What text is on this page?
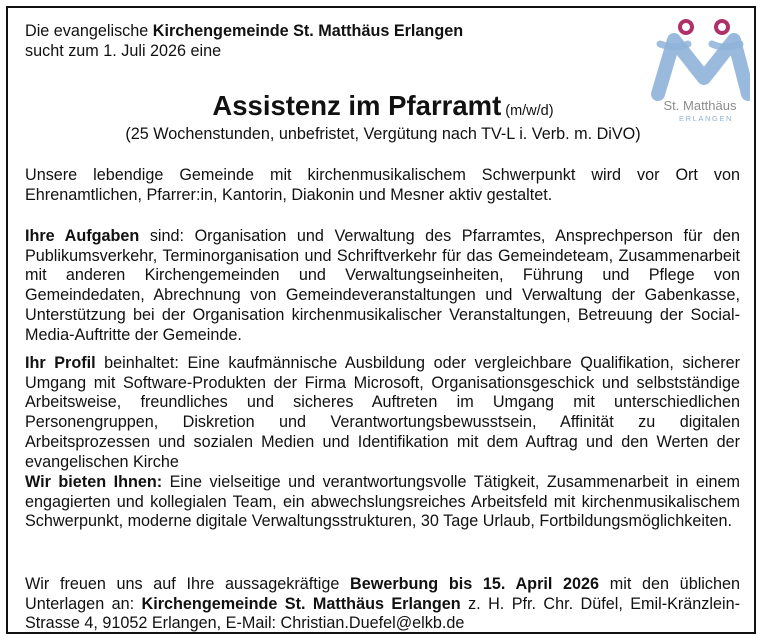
Die evangelische Kirchengemeinde St. Matthäus Erlangen
sucht zum 1. Juli 2026 eine
St. Matthäus
ERLANGEN
Assistenz im Pfarramt (m/w/d)
(25 Wochenstunden, unbefristet, Vergütung nach TV-L i. Verb. m. DiVO)
Unsere lebendige Gemeinde mit kirchenmusikalischem Schwerpunkt wird vor Ort von Ehrenamtlichen, Pfarrer:in, Kantorin, Diakonin und Mesner aktiv gestaltet.
Ihre Aufgaben sind: Organisation und Verwaltung des Pfarramtes, Ansprechperson für den Publikumsverkehr, Terminorganisation und Schriftverkehr für das Gemeindeteam, Zusammenarbeit mit anderen Kirchengemeinden und Verwaltungseinheiten, Führung und Pflege von Gemeindedaten, Abrechnung von Gemeindeveranstaltungen und Verwaltung der Gabenkasse, Unterstützung bei der Organisation kirchenmusikalischer Veranstaltungen, Betreuung der Social-Media-Auftritte der Gemeinde.
Ihr Profil beinhaltet: Eine kaufmännische Ausbildung oder vergleichbare Qualifikation, sicherer Umgang mit Software-Produkten der Firma Microsoft, Organisationsgeschick und selbstständige Arbeitsweise, freundliches und sicheres Auftreten im Umgang mit unterschiedlichen Personengruppen, Diskretion und Verantwortungsbewusstsein, Affinität zu digitalen Arbeitsprozessen und sozialen Medien und Identifikation mit dem Auftrag und den Werten der evangelischen Kirche
Wir bieten Ihnen: Eine vielseitige und verantwortungsvolle Tätigkeit, Zusammenarbeit in einem engagierten und kollegialen Team, ein abwechslungsreiches Arbeitsfeld mit kirchenmusikalischem Schwerpunkt, moderne digitale Verwaltungsstrukturen, 30 Tage Urlaub, Fortbildungsmöglichkeiten.
Wir freuen uns auf Ihre aussagekräftige Bewerbung bis 15. April 2026 mit den üblichen Unterlagen an: Kirchengemeinde St. Matthäus Erlangen z. H. Pfr. Chr. Düfel, Emil-Kränzlein-Strasse 4, 91052 Erlangen, E-Mail: Christian.Duefel@elkb.de
